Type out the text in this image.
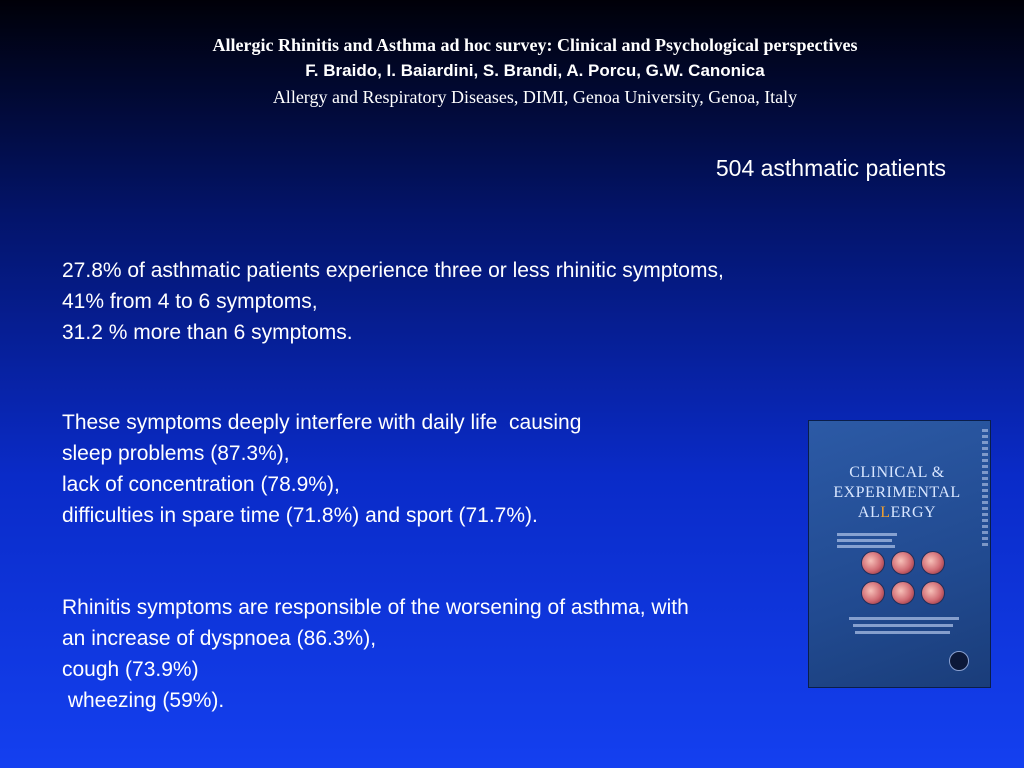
Allergic Rhinitis and Asthma ad hoc survey: Clinical and Psychological perspectives
F. Braido, I. Baiardini, S. Brandi, A. Porcu, G.W. Canonica
Allergy and Respiratory Diseases, DIMI, Genoa University, Genoa, Italy
504 asthmatic patients
27.8% of asthmatic patients experience three or less rhinitic symptoms,
41% from 4 to 6 symptoms,
31.2 % more than 6 symptoms.
These symptoms deeply interfere with daily life  causing
sleep problems (87.3%),
lack of concentration (78.9%),
difficulties in spare time (71.8%) and sport (71.7%).
Rhinitis symptoms are responsible of the worsening of asthma, with
an increase of dyspnoea (86.3%),
cough (73.9%)
wheezing (59%).
CLINICAL &
EXPERIMENTAL
ALLERGY
